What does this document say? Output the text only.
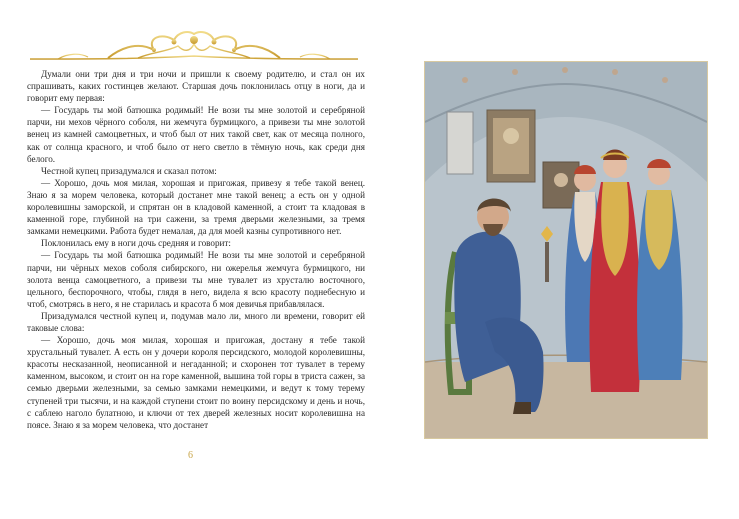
Думали они три дня и три ночи и пришли к своему родителю, и стал он их спрашивать, каких гостинцев желают. Старшая дочь поклонилась отцу в ноги, да и говорит ему первая:

— Государь ты мой батюшка родимый! Не вози ты мне золотой и серебряной парчи, ни мехов чёрного соболя, ни жемчуга бурмицкого, а привези ты мне золотой венец из камней самоцветных, и чтоб был от них такой свет, как от месяца полного, как от солнца красного, и чтоб было от него светло в тёмную ночь, как среди дня белого.

Честной купец призадумался и сказал потом:

— Хорошо, дочь моя милая, хорошая и пригожая, привезу я тебе такой венец. Знаю я за морем человека, который достанет мне такой венец; а есть он у одной королевишны заморской, и спрятан он в кладовой каменной, а стоит та кладовая в каменной горе, глубиной на три сажени, за тремя дверьми железными, за тремя замками немецкими. Работа будет немалая, да для моей казны супротивного нет.

Поклонилась ему в ноги дочь средняя и говорит:

— Государь ты мой батюшка родимый! Не вози ты мне золотой и серебряной парчи, ни чёрных мехов соболя сибирского, ни ожерелья жемчуга бурмицкого, ни золота венца самоцветного, а привези ты мне тувалет из хрусталю восточного, цельного, беспорочного, чтобы, глядя в него, видела я всю красоту поднебесную и чтоб, смотрясь в него, я не старилась и красота б моя девичья прибавлялася.

Призадумался честной купец и, подумав мало ли, много ли времени, говорит ей таковые слова:

— Хорошо, дочь моя милая, хорошая и пригожая, достану я тебе такой хрустальный тувалет. А есть он у дочери короля персидского, молодой королевишны, красоты несказанной, неописанной и негаданной; и схоронен тот тувалет в терему каменном, высоком, и стоит он на горе каменной, вышина той горы в триста сажен, за семью дверьми железными, за семью замками немецкими, и ведут к тому терему ступеней три тысячи, и на каждой ступени стоит по воину персидскому и день и ночь, с саблею наголо булатною, и ключи от тех дверей железных носит королевишна на поясе. Знаю я за морем человека, что достанет

6
